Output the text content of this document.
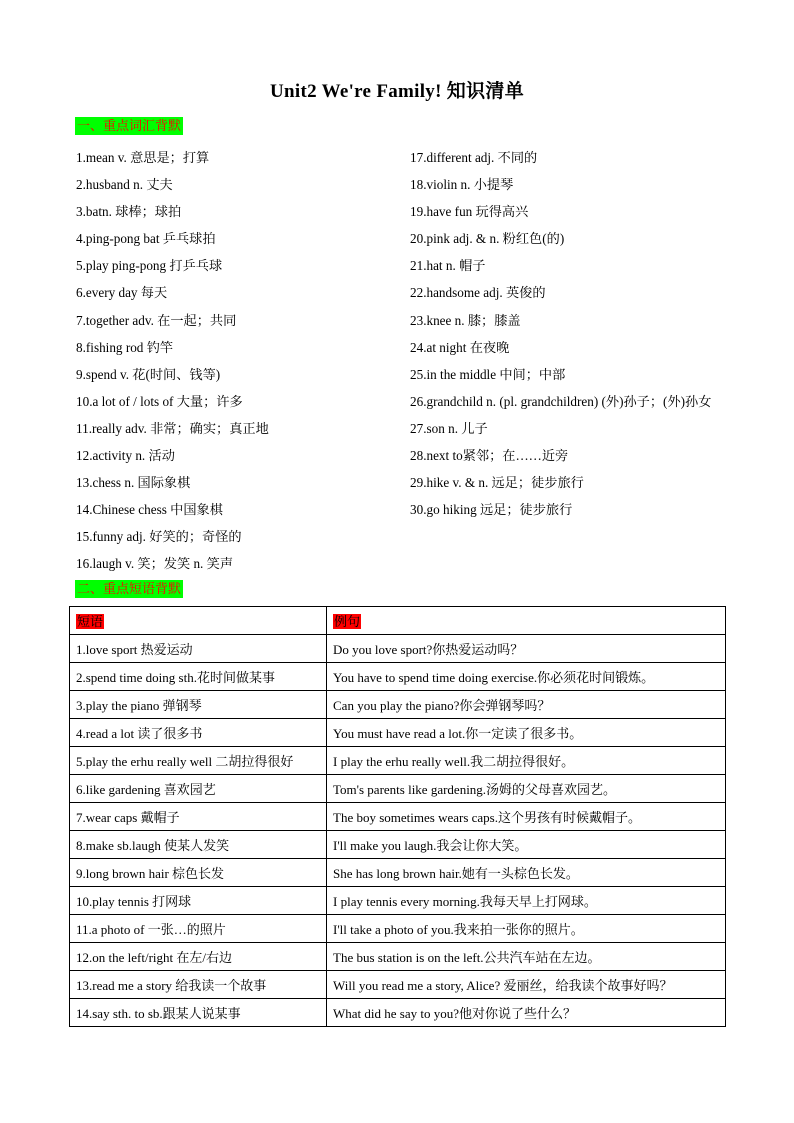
Unit2 We're Family! 知识清单
一、重点词汇背默
1.mean v. 意思是；打算
2.husband n. 丈夫
3.batn. 球棒；球拍
4.ping-pong bat 乒乓球拍
5.play ping-pong 打乒乓球
6.every day 每天
7.together adv. 在一起；共同
8.fishing rod 钓竿
9.spend v. 花(时间、钱等)
10.a lot of / lots of 大量；许多
11.really adv. 非常；确实；真正地
12.activity n. 活动
13.chess n. 国际象棋
14.Chinese chess 中国象棋
15.funny adj. 好笑的；奇怪的
16.laugh v. 笑；发笑 n. 笑声
17.different adj. 不同的
18.violin n. 小提琴
19.have fun 玩得高兴
20.pink adj. & n. 粉红色(的)
21.hat n. 帽子
22.handsome adj. 英俊的
23.knee n. 膝；膝盖
24.at night 在夜晚
25.in the middle 中间；中部
26.grandchild n. (pl. grandchildren) (外)孙子；(外)孙女
27.son n. 儿子
28.next to紧邻；在……近旁
29.hike v. & n. 远足；徒步旅行
30.go hiking 远足；徒步旅行
二、重点短语背默
短语	例句
1.love sport 热爱运动	Do you love sport?你热爱运动吗？
2.spend time doing sth.花时间做某事	You have to spend time doing exercise.你必须花时间锻炼。
3.play the piano 弹钢琴	Can you play the piano?你会弹钢琴吗？
4.read a lot 读了很多书	You must have read a lot.你一定读了很多书。
5.play the erhu really well 二胡拉得很好	I play the erhu really well.我二胡拉得很好。
6.like gardening 喜欢园艺	Tom's parents like gardening.汤姆的父母喜欢园艺。
7.wear caps 戴帽子	The boy sometimes wears caps.这个男孩有时候戴帽子。
8.make sb.laugh 使某人发笑	I'll make you laugh.我会让你大笑。
9.long brown hair 棕色长发	She has long brown hair.她有一头棕色长发。
10.play tennis 打网球	I play tennis every morning.我每天早上打网球。
11.a photo of 一张…的照片	I'll take a photo of you.我来拍一张你的照片。
12.on the left/right 在左/右边	The bus station is on the left.公共汽车站在左边。
13.read me a story 给我读一个故事	Will you read me a story, Alice? 爱丽丝，给我读个故事好吗？
14.say sth. to sb.跟某人说某事	What did he say to you?他对你说了些什么？
